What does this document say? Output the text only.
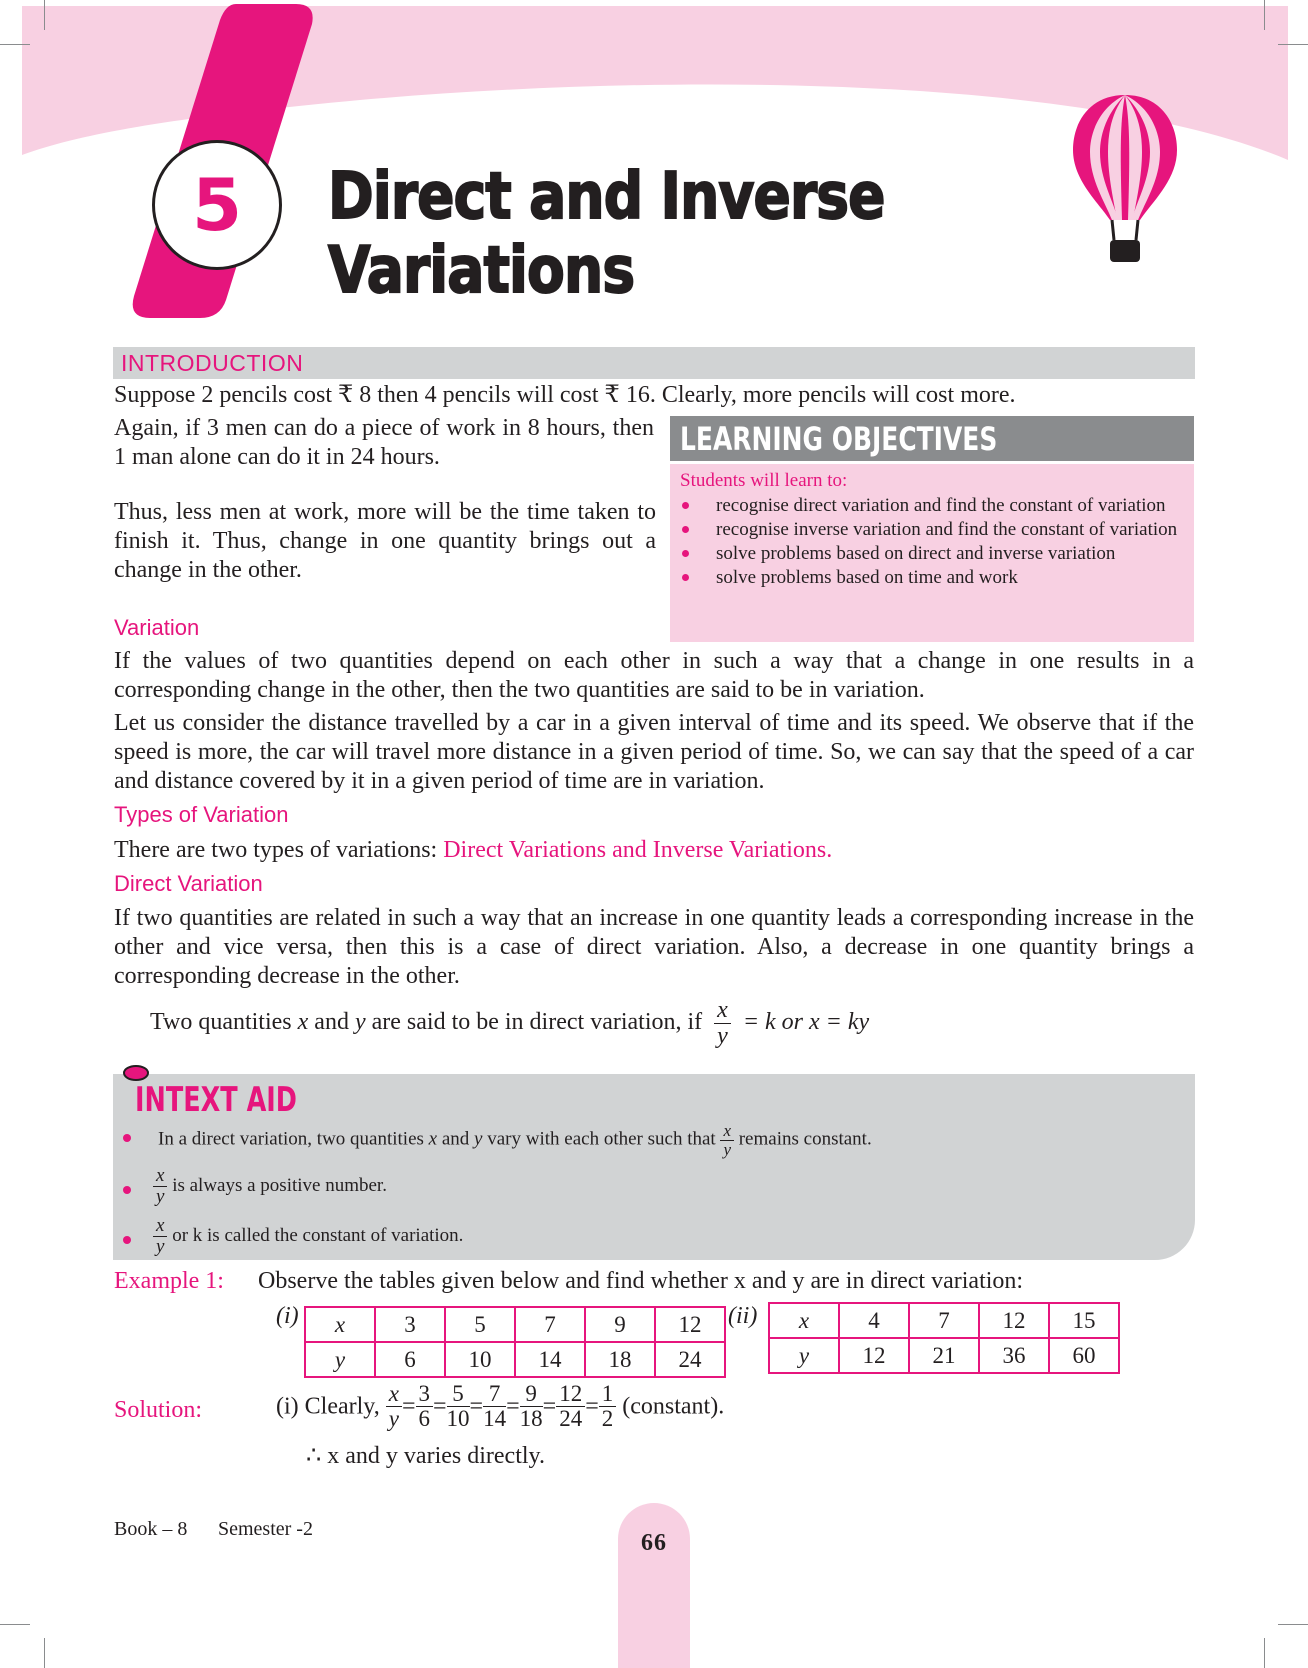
5	Direct and Inverse
Variations
INTRODUCTION

Suppose 2 pencils cost ₹ 8 then 4 pencils will cost ₹ 16. Clearly, more pencils will cost more.

Again, if 3 men can do a piece of work in 8 hours, then 1 man alone can do it in 24 hours.

Thus, less men at work, more will be the time taken to finish it. Thus, change in one quantity brings out a change in the other.

LEARNING OBJECTIVES
Students will learn to:
recognise direct variation and find the constant of variation
recognise inverse variation and find the constant of variation
solve problems based on direct and inverse variation
solve problems based on time and work
Variation

If the values of two quantities depend on each other in such a way that a change in one results in a corresponding change in the other, then the two quantities are said to be in variation.

Let us consider the distance travelled by a car in a given interval of time and its speed. We observe that if the speed is more, the car will travel more distance in a given period of time. So, we can say that the speed of a car and distance covered by it in a given period of time are in variation.

Types of Variation

There are two types of variations: Direct Variations and Inverse Variations.

Direct Variation

If two quantities are related in such a way that an increase in one quantity leads a corresponding increase in the other and vice versa, then this is a case of direct variation. Also, a decrease in one quantity brings a corresponding decrease in the other.

Two quantities x and y are said to be in direct variation, if $\frac{x}{y} = k$ or x = ky
INTEXT AID
In a direct variation, two quantities x and y vary with each other such that $\frac{x}{y}$ remains constant.
$\frac{x}{y}$ is always a positive number.
$\frac{x}{y}$ or k is called the constant of variation.
Example 1: Observe the tables given below and find whether x and y are in direct variation:
(i) x	3	5	7	9	12
y	6	10	14	18	24
(ii) x	4	7	12	15
y	12	21	36	60
Solution:	(i) Clearly, $\frac{x}{y} = \frac{3}{6} = \frac{5}{10} = \frac{7}{14} = \frac{9}{18} = \frac{12}{24} = \frac{1}{2}$ (constant).
∴ x and y varies directly.
Book – 8 Semester -2
66
